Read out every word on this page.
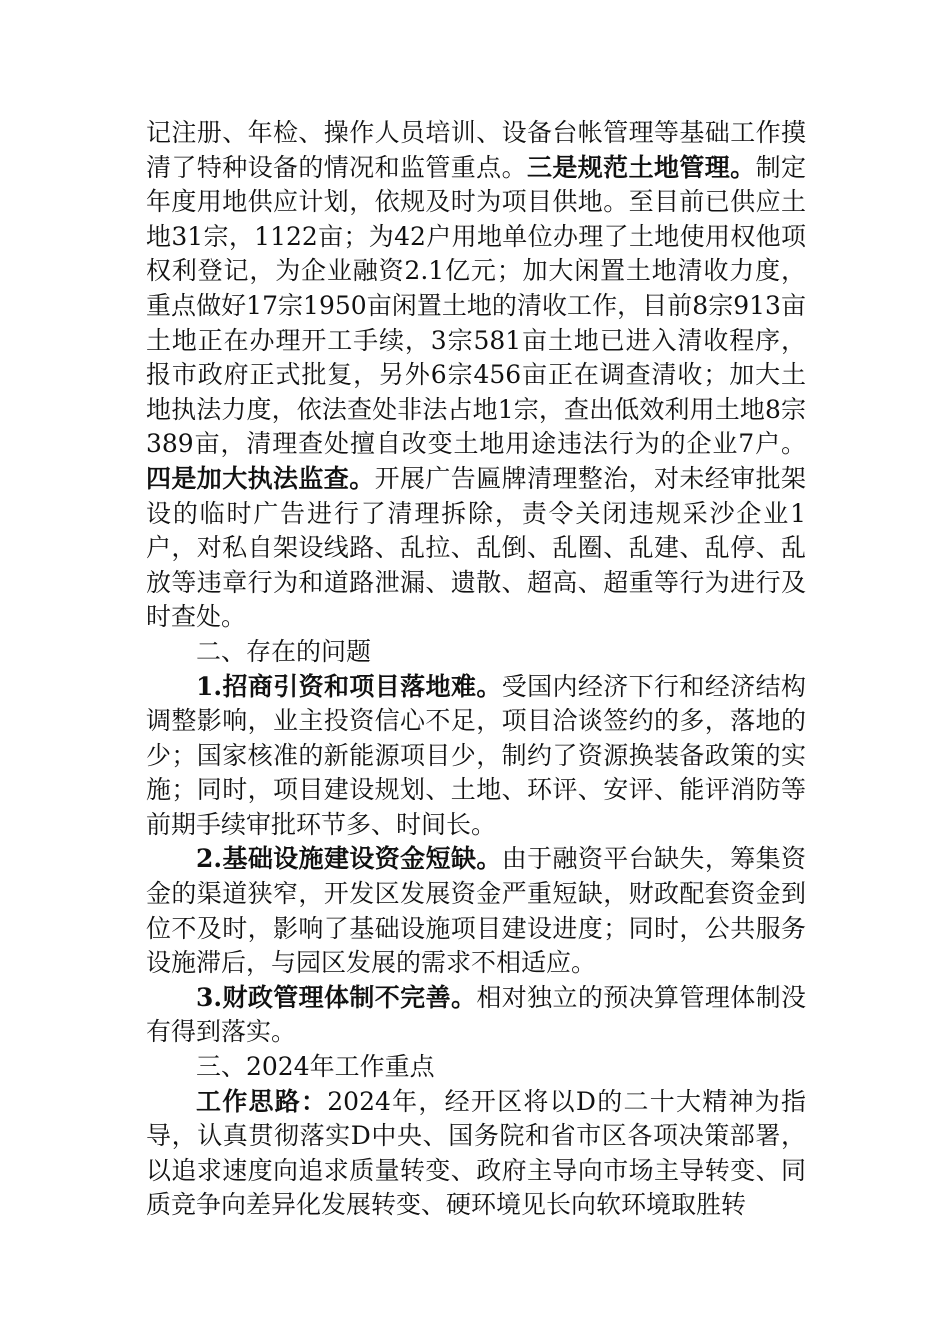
记注册、年检、操作人员培训、设备台帐管理等基础工作摸清了特种设备的情况和监管重点。三是规范土地管理。制定年度用地供应计划，依规及时为项目供地。至目前已供应土地31宗，1122亩；为42户用地单位办理了土地使用权他项权利登记，为企业融资2.1亿元；加大闲置土地清收力度，重点做好17宗1950亩闲置土地的清收工作，目前8宗913亩土地正在办理开工手续，3宗581亩土地已进入清收程序，报市政府正式批复，另外6宗456亩正在调查清收；加大土地执法力度，依法查处非法占地1宗，查出低效利用土地8宗389亩，清理查处擅自改变土地用途违法行为的企业7户。四是加大执法监查。开展广告匾牌清理整治，对未经审批架设的临时广告进行了清理拆除，责令关闭违规采沙企业1户，对私自架设线路、乱拉、乱倒、乱圈、乱建、乱停、乱放等违章行为和道路泄漏、遗散、超高、超重等行为进行及时查处。

二、存在的问题

1.招商引资和项目落地难。受国内经济下行和经济结构调整影响，业主投资信心不足，项目洽谈签约的多，落地的少；国家核准的新能源项目少，制约了资源换装备政策的实施；同时，项目建设规划、土地、环评、安评、能评消防等前期手续审批环节多、时间长。

2.基础设施建设资金短缺。由于融资平台缺失，筹集资金的渠道狭窄，开发区发展资金严重短缺，财政配套资金到位不及时，影响了基础设施项目建设进度；同时，公共服务设施滞后，与园区发展的需求不相适应。

3.财政管理体制不完善。相对独立的预决算管理体制没有得到落实。

三、2024年工作重点

工作思路：2024年，经开区将以D的二十大精神为指导，认真贯彻落实D中央、国务院和省市区各项决策部署，以追求速度向追求质量转变、政府主导向市场主导转变、同质竞争向差异化发展转变、硬环境见长向软环境取胜转
